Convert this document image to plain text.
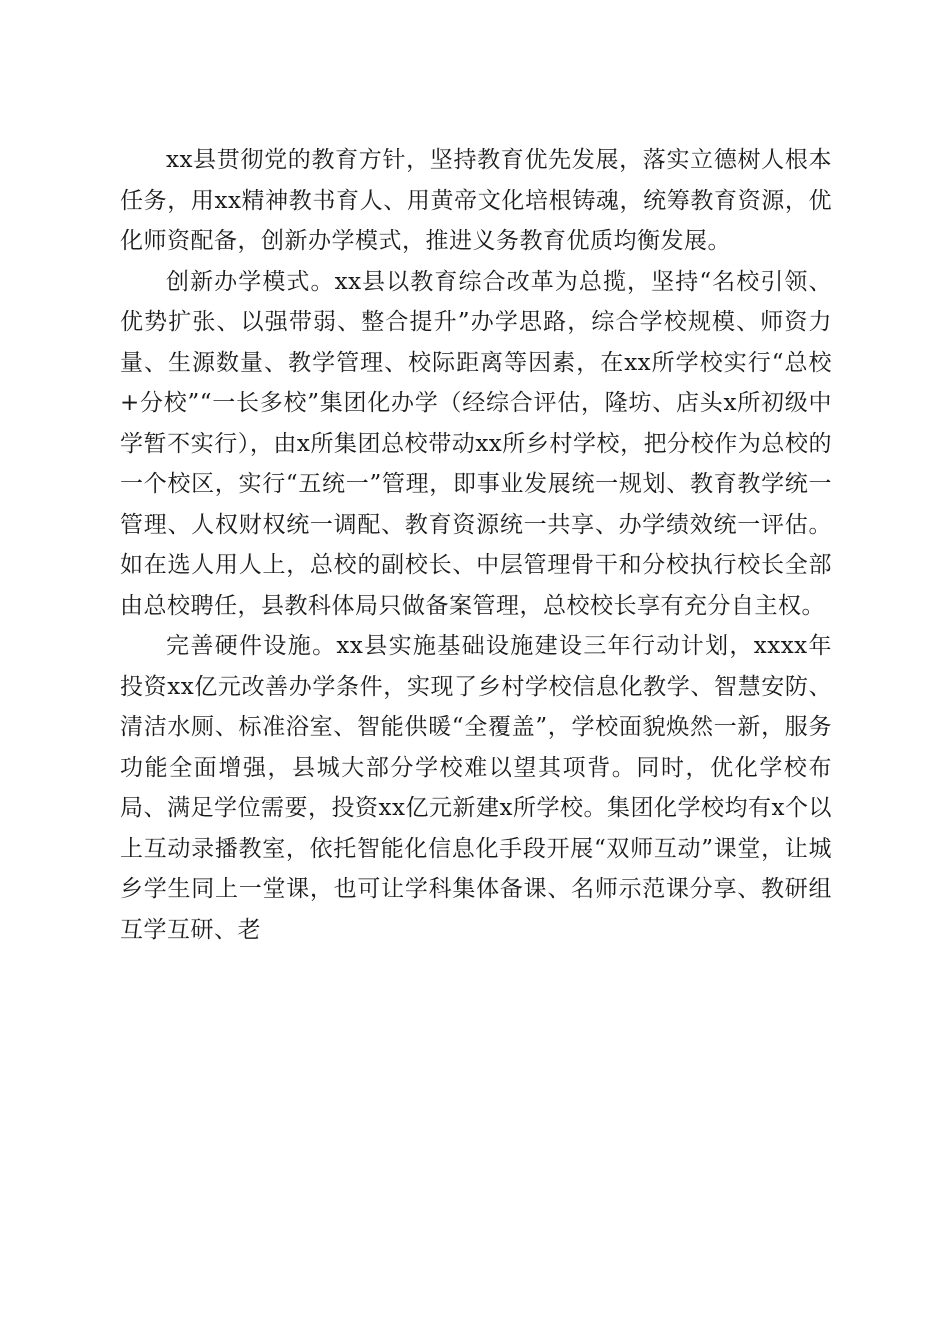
xx县贯彻党的教育方针，坚持教育优先发展，落实立德树人根本任务，用xx精神教书育人、用黄帝文化培根铸魂，统筹教育资源，优化师资配备，创新办学模式，推进义务教育优质均衡发展。

创新办学模式。xx县以教育综合改革为总揽，坚持“名校引领、优势扩张、以强带弱、整合提升”办学思路，综合学校规模、师资力量、生源数量、教学管理、校际距离等因素，在xx所学校实行“总校+分校”“一长多校”集团化办学（经综合评估，隆坊、店头x所初级中学暂不实行），由x所集团总校带动xx所乡村学校，把分校作为总校的一个校区，实行“五统一”管理，即事业发展统一规划、教育教学统一管理、人权财权统一调配、教育资源统一共享、办学绩效统一评估。如在选人用人上，总校的副校长、中层管理骨干和分校执行校长全部由总校聘任，县教科体局只做备案管理，总校校长享有充分自主权。

完善硬件设施。xx县实施基础设施建设三年行动计划，xxxx年投资xx亿元改善办学条件，实现了乡村学校信息化教学、智慧安防、清洁水厕、标准浴室、智能供暖“全覆盖”，学校面貌焕然一新，服务功能全面增强，县城大部分学校难以望其项背。同时，优化学校布局、满足学位需要，投资xx亿元新建x所学校。集团化学校均有x个以上互动录播教室，依托智能化信息化手段开展“双师互动”课堂，让城乡学生同上一堂课，也可让学科集体备课、名师示范课分享、教研组互学互研、老
